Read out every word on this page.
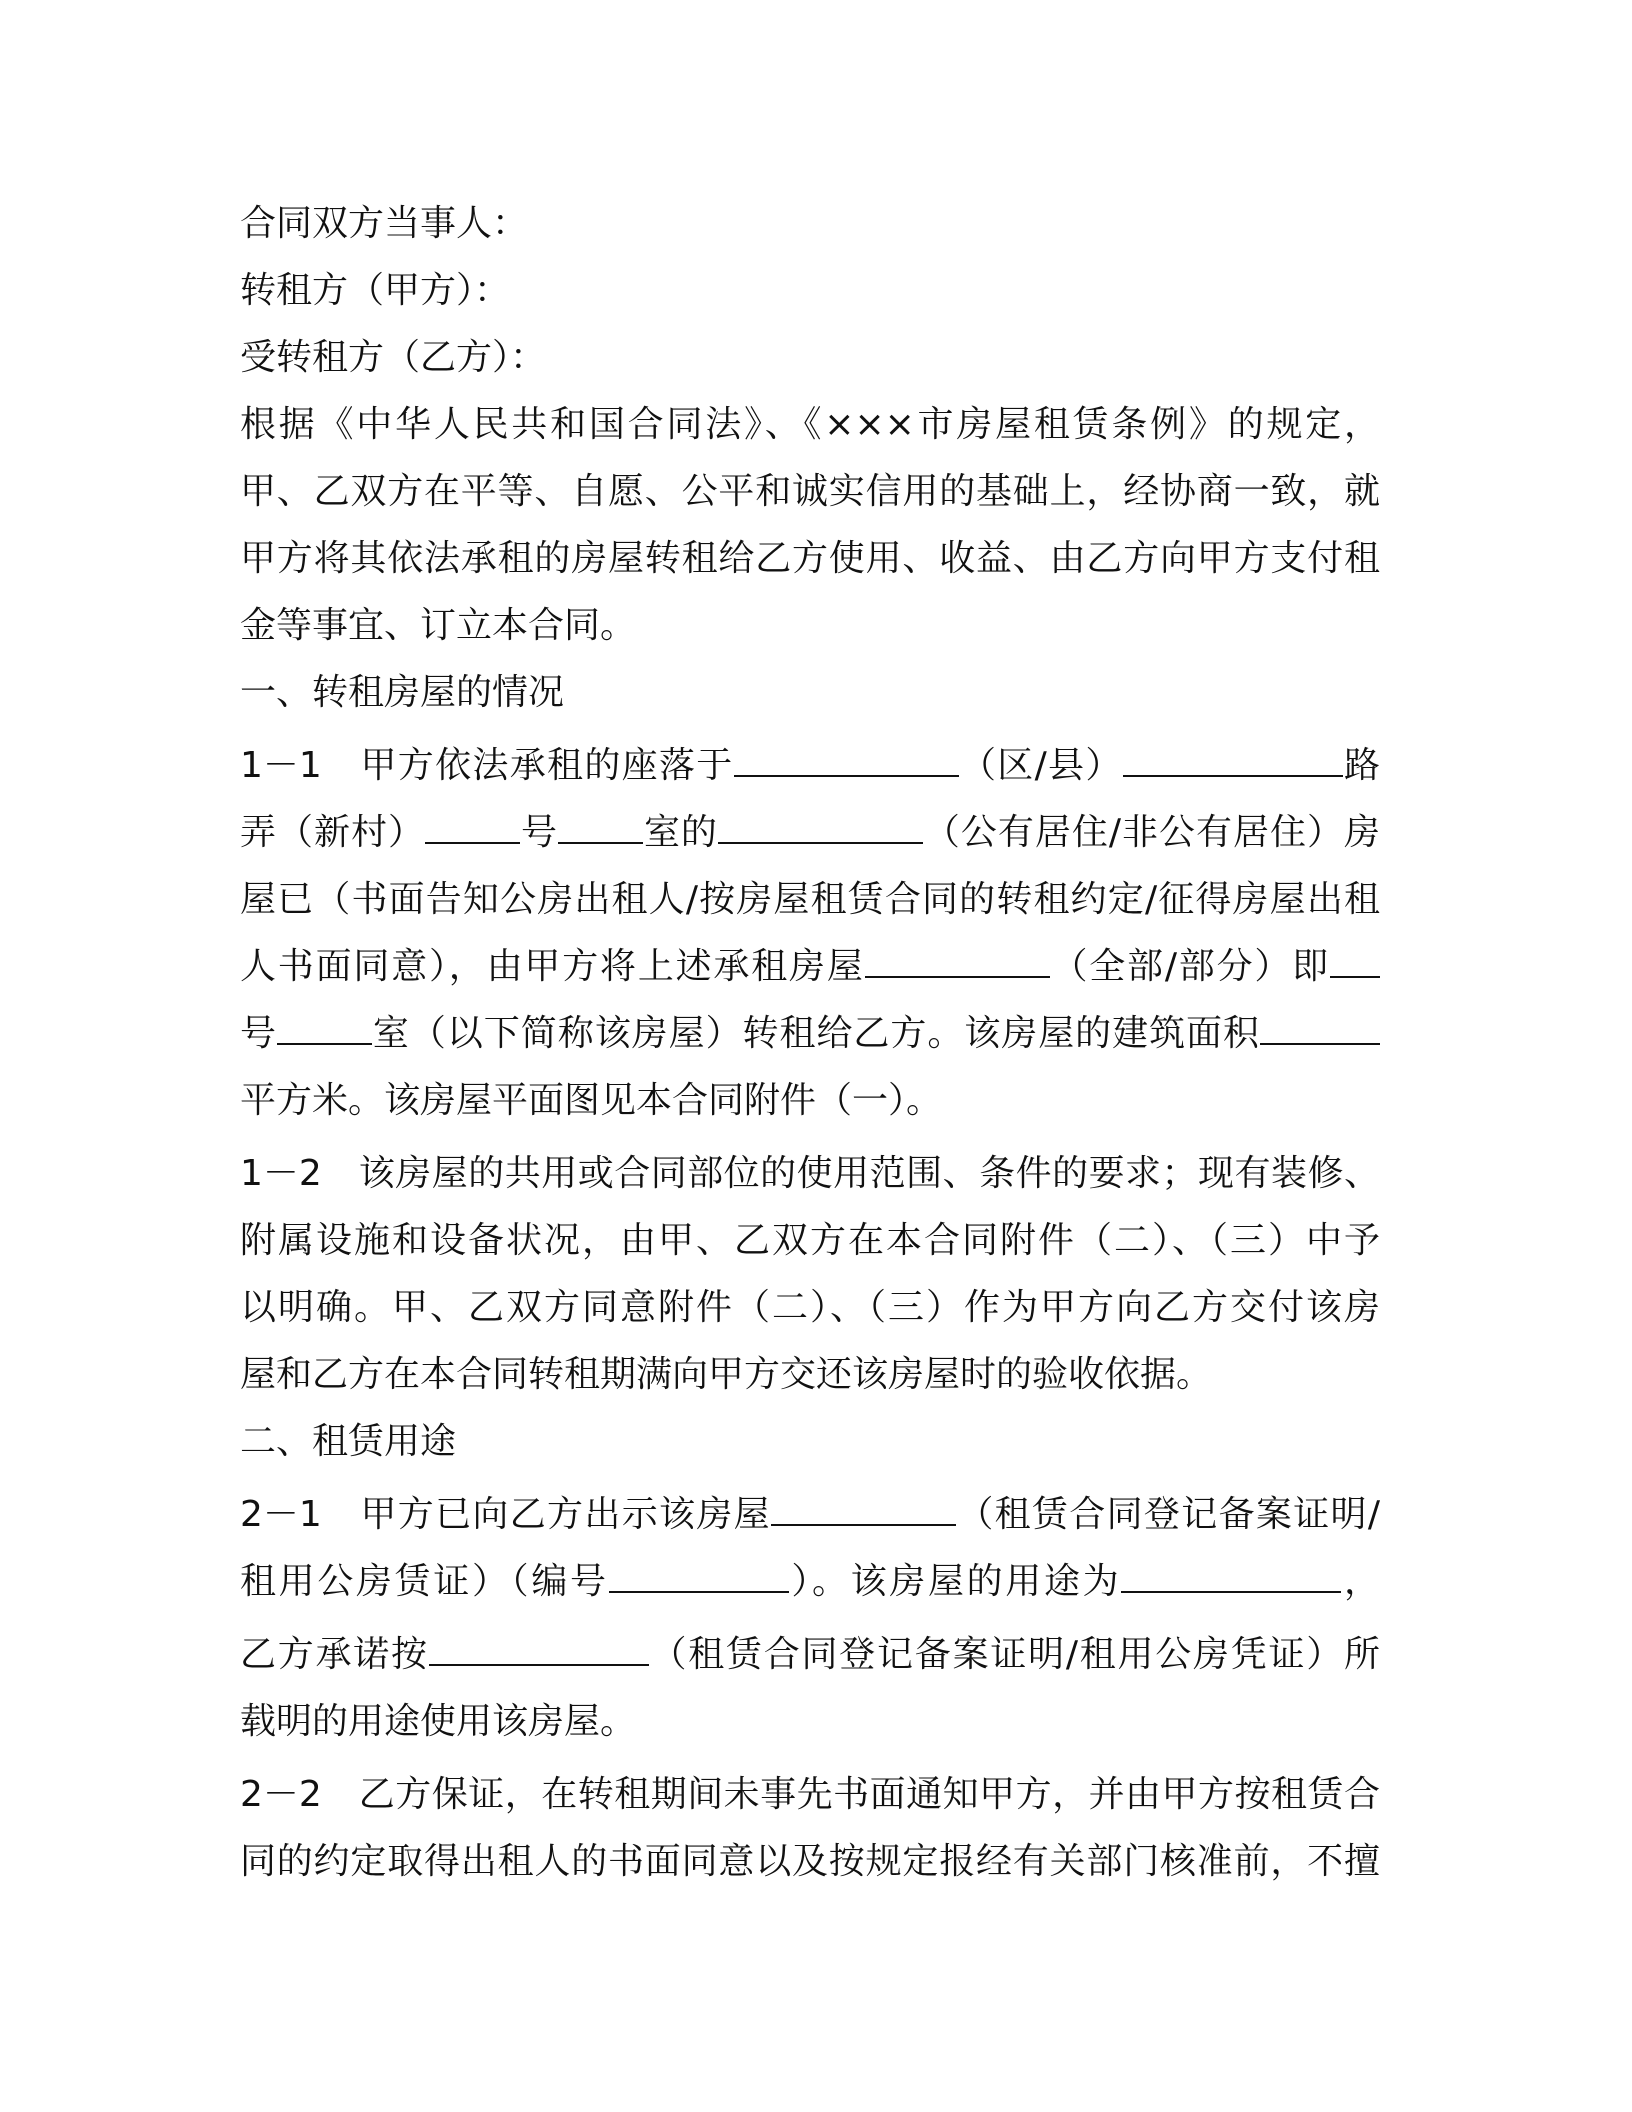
合同双方当事人：
转租方（甲方）：
受转租方（乙方）：
根据《中华人民共和国合同法》、《×××市房屋租赁条例》的规定，
甲、乙双方在平等、自愿、公平和诚实信用的基础上，经协商一致，就
甲方将其依法承租的房屋转租给乙方使用、收益、由乙方向甲方支付租
金等事宜、订立本合同。
一、转租房屋的情况
1－1　甲方依法承租的座落于	（区/县）	路
弄（新村）	号 室的	（公有居住/非公有居住）房
屋已（书面告知公房出租人/按房屋租赁合同的转租约定/征得房屋出租
人书面同意），由甲方将上述承租房屋	（全部/部分）即
号	室（以下简称该房屋）转租给乙方。该房屋的建筑面积
平方米。该房屋平面图见本合同附件（一）。
1－2　该房屋的共用或合同部位的使用范围、条件的要求；现有装修、
附属设施和设备状况，由甲、乙双方在本合同附件（二）、（三）中予
以明确。甲、乙双方同意附件（二）、（三）作为甲方向乙方交付该房
屋和乙方在本合同转租期满向甲方交还该房屋时的验收依据。
二、租赁用途
2－1　甲方已向乙方出示该房屋	（租赁合同登记备案证明/
租用公房赁证）（编号	）。该房屋的用途为	，
乙方承诺按	（租赁合同登记备案证明/租用公房凭证）所
载明的用途使用该房屋。
2－2　乙方保证，在转租期间未事先书面通知甲方，并由甲方按租赁合
同的约定取得出租人的书面同意以及按规定报经有关部门核准前，不擅
